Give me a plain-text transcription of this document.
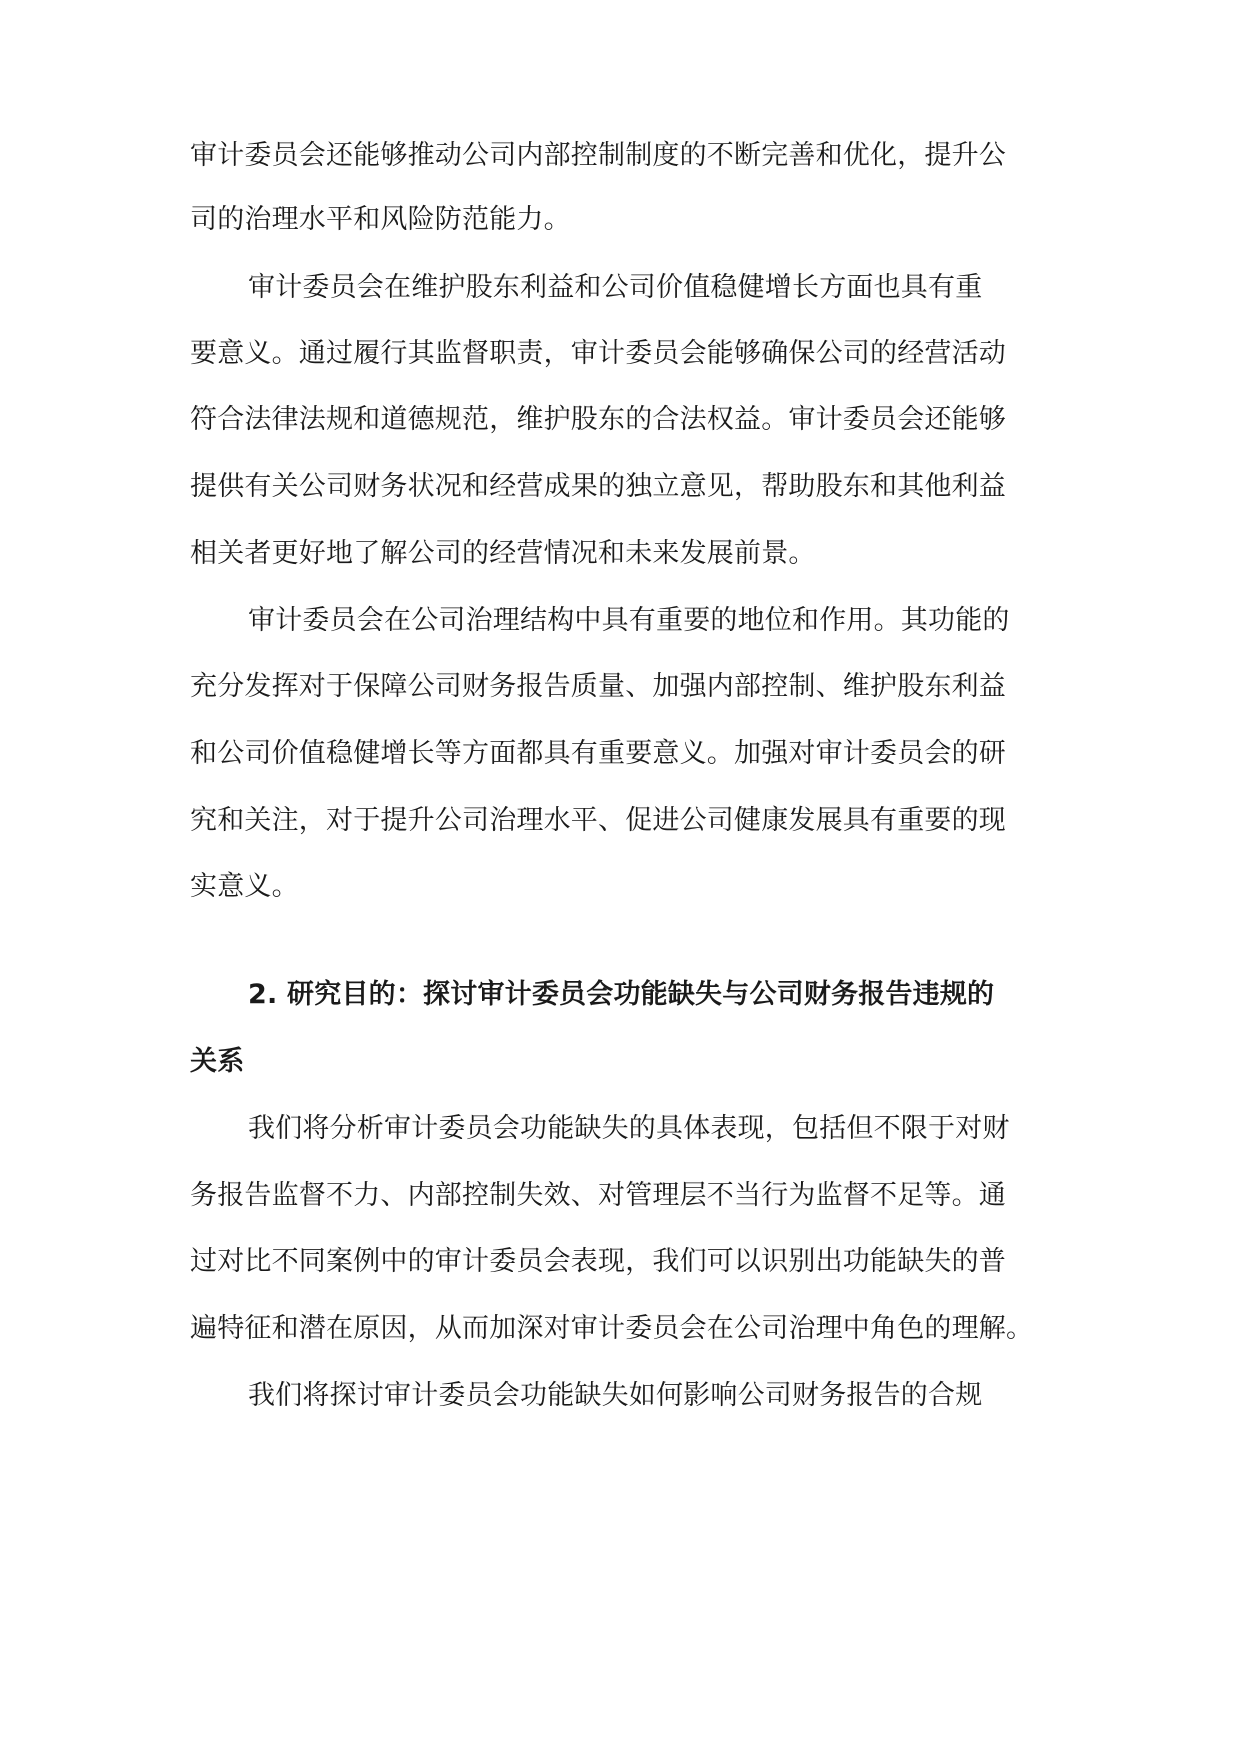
审计委员会还能够推动公司内部控制制度的不断完善和优化，提升公
司的治理水平和风险防范能力。
审计委员会在维护股东利益和公司价值稳健增长方面也具有重
要意义。通过履行其监督职责，审计委员会能够确保公司的经营活动
符合法律法规和道德规范，维护股东的合法权益。审计委员会还能够
提供有关公司财务状况和经营成果的独立意见，帮助股东和其他利益
相关者更好地了解公司的经营情况和未来发展前景。
审计委员会在公司治理结构中具有重要的地位和作用。其功能的
充分发挥对于保障公司财务报告质量、加强内部控制、维护股东利益
和公司价值稳健增长等方面都具有重要意义。加强对审计委员会的研
究和关注，对于提升公司治理水平、促进公司健康发展具有重要的现
实意义。
2. 研究目的：探讨审计委员会功能缺失与公司财务报告违规的
关系
我们将分析审计委员会功能缺失的具体表现，包括但不限于对财
务报告监督不力、内部控制失效、对管理层不当行为监督不足等。通
过对比不同案例中的审计委员会表现，我们可以识别出功能缺失的普
遍特征和潜在原因，从而加深对审计委员会在公司治理中角色的理解。
我们将探讨审计委员会功能缺失如何影响公司财务报告的合规
